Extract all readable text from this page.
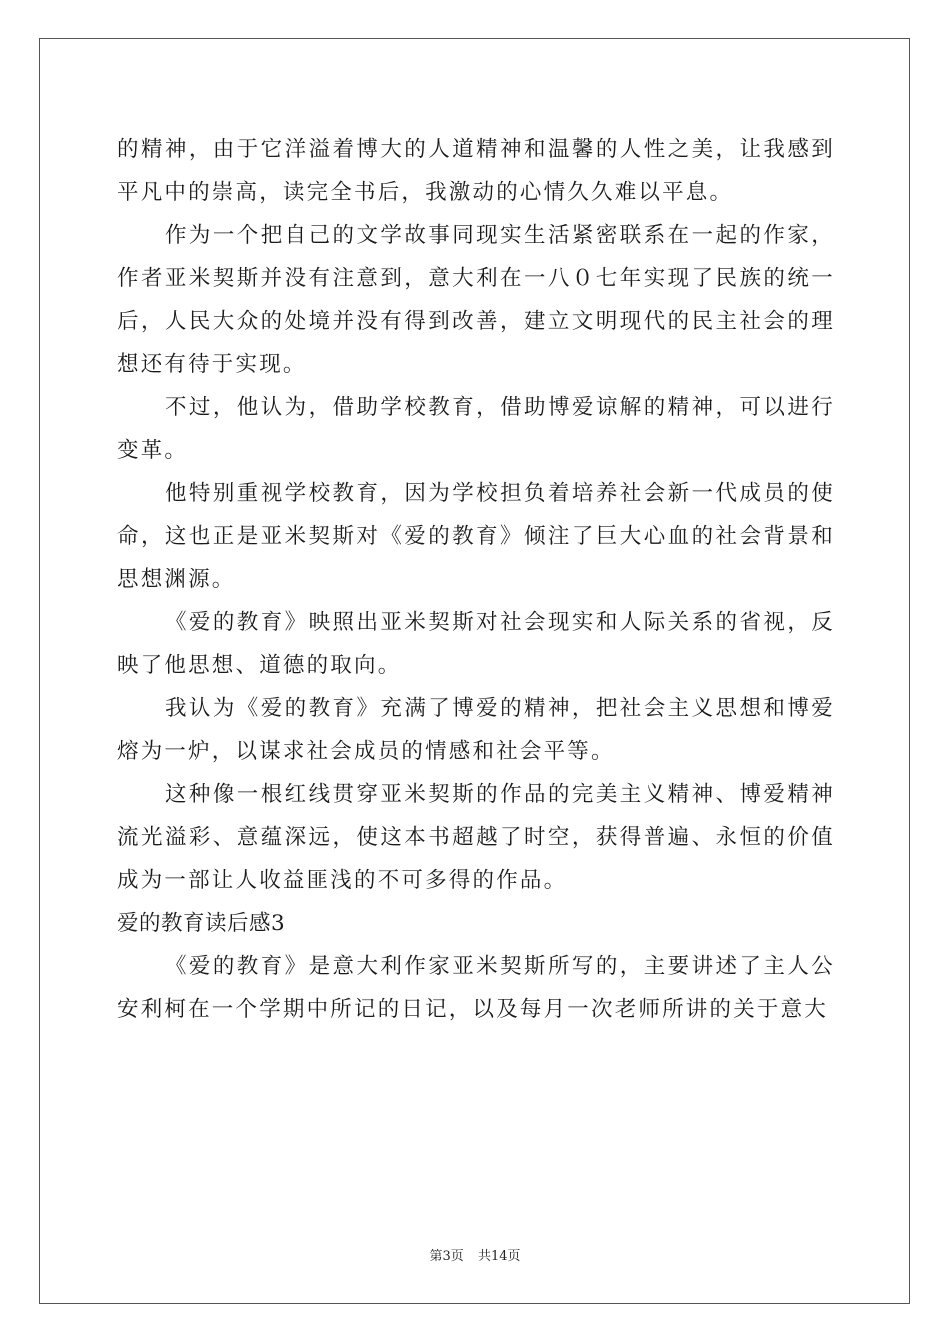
的精神，由于它洋溢着博大的人道精神和温馨的人性之美，让我感到平凡中的崇高，读完全书后，我激动的心情久久难以平息。

作为一个把自己的文学故事同现实生活紧密联系在一起的作家，作者亚米契斯并没有注意到，意大利在一八０七年实现了民族的统一后，人民大众的处境并没有得到改善，建立文明现代的民主社会的理想还有待于实现。

不过，他认为，借助学校教育，借助博爱谅解的精神，可以进行变革。

他特别重视学校教育，因为学校担负着培养社会新一代成员的使命，这也正是亚米契斯对《爱的教育》倾注了巨大心血的社会背景和思想渊源。

《爱的教育》映照出亚米契斯对社会现实和人际关系的省视，反映了他思想、道德的取向。

我认为《爱的教育》充满了博爱的精神，把社会主义思想和博爱熔为一炉，以谋求社会成员的情感和社会平等。

这种像一根红线贯穿亚米契斯的作品的完美主义精神、博爱精神流光溢彩、意蕴深远，使这本书超越了时空，获得普遍、永恒的价值成为一部让人收益匪浅的不可多得的作品。

爱的教育读后感3

《爱的教育》是意大利作家亚米契斯所写的，主要讲述了主人公安利柯在一个学期中所记的日记，以及每月一次老师所讲的关于意大

第3页 共14页
